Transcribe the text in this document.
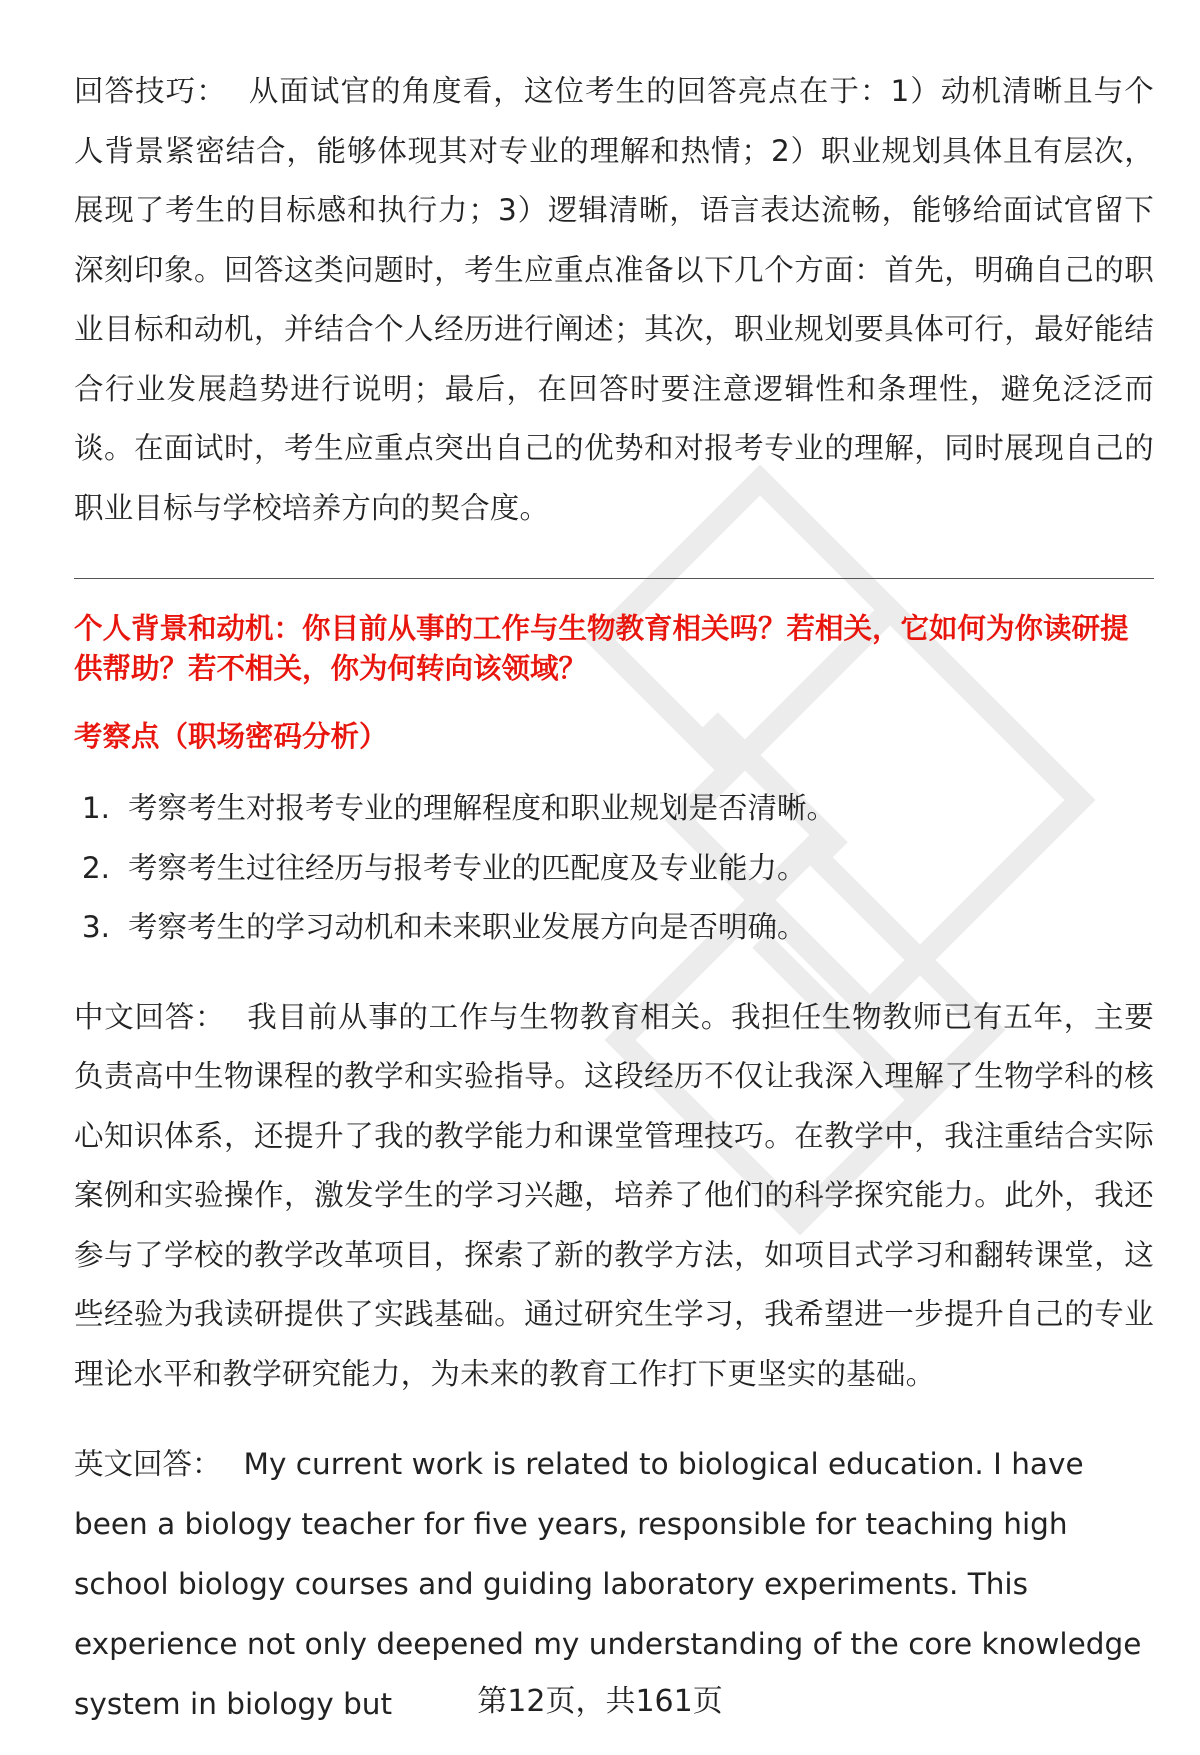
回答技巧： 从面试官的角度看，这位考生的回答亮点在于：1）动机清晰且与个人背景紧密结合，能够体现其对专业的理解和热情；2）职业规划具体且有层次，展现了考生的目标感和执行力；3）逻辑清晰，语言表达流畅，能够给面试官留下深刻印象。回答这类问题时，考生应重点准备以下几个方面：首先，明确自己的职业目标和动机，并结合个人经历进行阐述；其次，职业规划要具体可行，最好能结合行业发展趋势进行说明；最后，在回答时要注意逻辑性和条理性，避免泛泛而谈。在面试时，考生应重点突出自己的优势和对报考专业的理解，同时展现自己的职业目标与学校培养方向的契合度。

个人背景和动机：你目前从事的工作与生物教育相关吗？若相关，它如何为你读研提供帮助？若不相关，你为何转向该领域？

考察点（职场密码分析）

1. 考察考生对报考专业的理解程度和职业规划是否清晰。
2. 考察考生过往经历与报考专业的匹配度及专业能力。
3. 考察考生的学习动机和未来职业发展方向是否明确。

中文回答： 我目前从事的工作与生物教育相关。我担任生物教师已有五年，主要负责高中生物课程的教学和实验指导。这段经历不仅让我深入理解了生物学科的核心知识体系，还提升了我的教学能力和课堂管理技巧。在教学中，我注重结合实际案例和实验操作，激发学生的学习兴趣，培养了他们的科学探究能力。此外，我还参与了学校的教学改革项目，探索了新的教学方法，如项目式学习和翻转课堂，这些经验为我读研提供了实践基础。通过研究生学习，我希望进一步提升自己的专业理论水平和教学研究能力，为未来的教育工作打下更坚实的基础。

英文回答： My current work is related to biological education. I have been a biology teacher for five years, responsible for teaching high school biology courses and guiding laboratory experiments. This experience not only deepened my understanding of the core knowledge system in biology but	第12页，共161页
